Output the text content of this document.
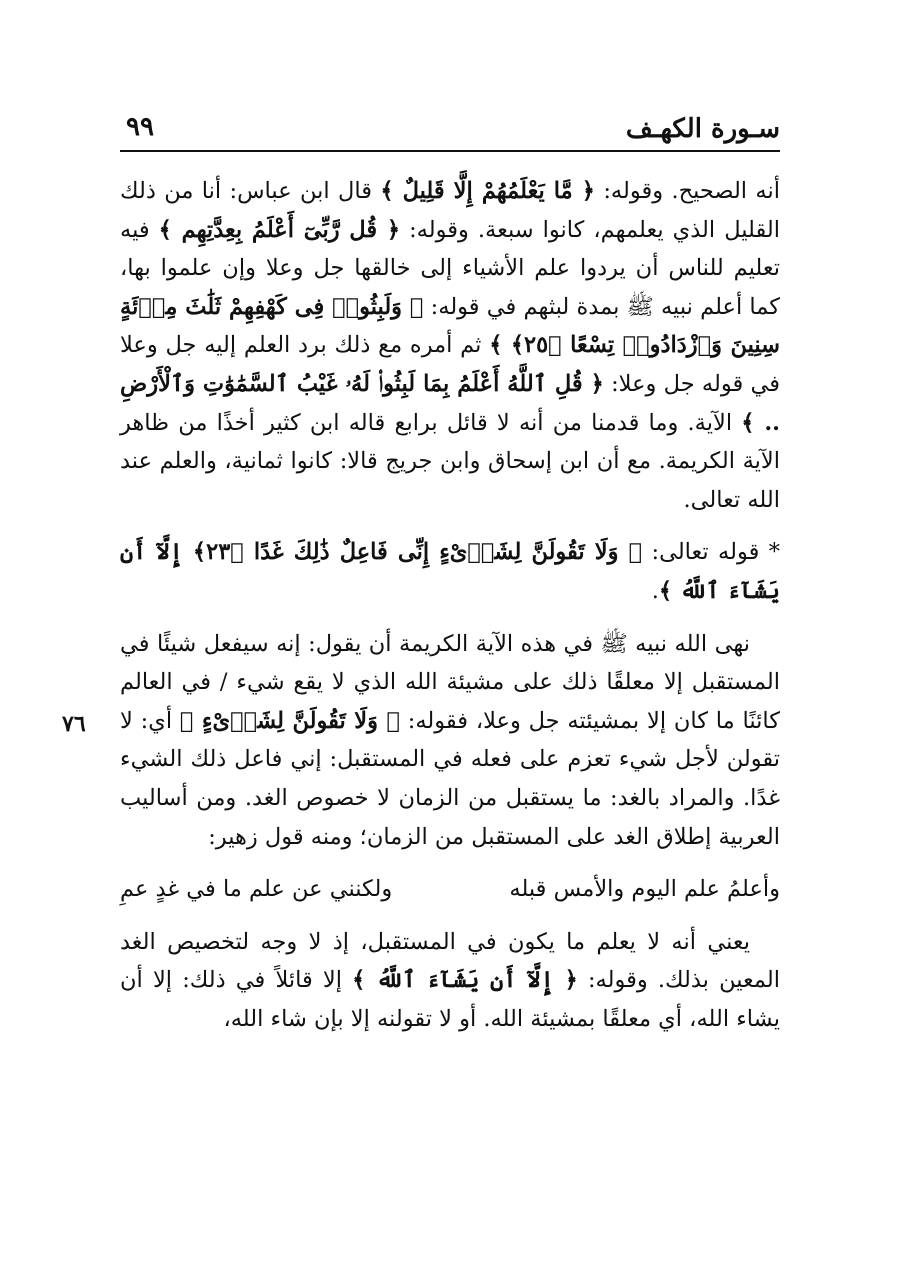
سـورة الكهـف
٩٩
٧٦

أنه الصحيح. وقوله: ﴿ مَّا يَعْلَمُهُمْ إِلَّا قَلِيلٌ ﴾ قال ابن عباس: أنا من ذلك القليل الذي يعلمهم، كانوا سبعة. وقوله: ﴿ قُل رَّبِّىٓ أَعْلَمُ بِعِدَّتِهِم ﴾ فيه تعليم للناس أن يردوا علم الأشياء إلى خالقها جل وعلا وإن علموا بها، كما أعلم نبيه ﷺ بمدة لبثهم في قوله: ﴿ وَلَبِثُوا۟ فِى كَهْفِهِمْ ثَلَٰثَ مِا۟ئَةٍ سِنِينَ وَٱزْدَادُوا۟ تِسْعًا ﴿٢٥﴾ ﴾ ثم أمره مع ذلك برد العلم إليه جل وعلا في قوله جل وعلا: ﴿ قُلِ ٱللَّهُ أَعْلَمُ بِمَا لَبِثُوا۟ لَهُۥ غَيْبُ ٱلسَّمَٰوَٰتِ وَٱلْأَرْضِ .. ﴾ الآية. وما قدمنا من أنه لا قائل برابع قاله ابن كثير أخذًا من ظاهر الآية الكريمة. مع أن ابن إسحاق وابن جريج قالا: كانوا ثمانية، والعلم عند الله تعالى.

* قوله تعالى: ﴿ وَلَا تَقُولَنَّ لِشَا۟ىْءٍ إِنِّى فَاعِلٌ ذَٰلِكَ غَدًا ﴿٢٣﴾ إِلَّآ أَن يَشَآءَ ٱللَّهُ ﴾.

نهى الله نبيه ﷺ في هذه الآية الكريمة أن يقول: إنه سيفعل شيئًا في المستقبل إلا معلقًا ذلك على مشيئة الله الذي لا يقع شيء / في العالم كائنًا ما كان إلا بمشيئته جل وعلا، فقوله: ﴿ وَلَا تَقُولَنَّ لِشَا۟ىْءٍ ﴾ أي: لا تقولن لأجل شيء تعزم على فعله في المستقبل: إني فاعل ذلك الشيء غدًا. والمراد بالغد: ما يستقبل من الزمان لا خصوص الغد. ومن أساليب العربية إطلاق الغد على المستقبل من الزمان؛ ومنه قول زهير:

وأعلمُ علم اليوم والأمس قبله
ولكنني عن علم ما في غدٍ عمِ

يعني أنه لا يعلم ما يكون في المستقبل، إذ لا وجه لتخصيص الغد المعين بذلك. وقوله: ﴿ إِلَّآ أَن يَشَآءَ ٱللَّهُ ﴾ إلا قائلاً في ذلك: إلا أن يشاء الله، أي معلقًا بمشيئة الله. أو لا تقولنه إلا بإن شاء الله،
